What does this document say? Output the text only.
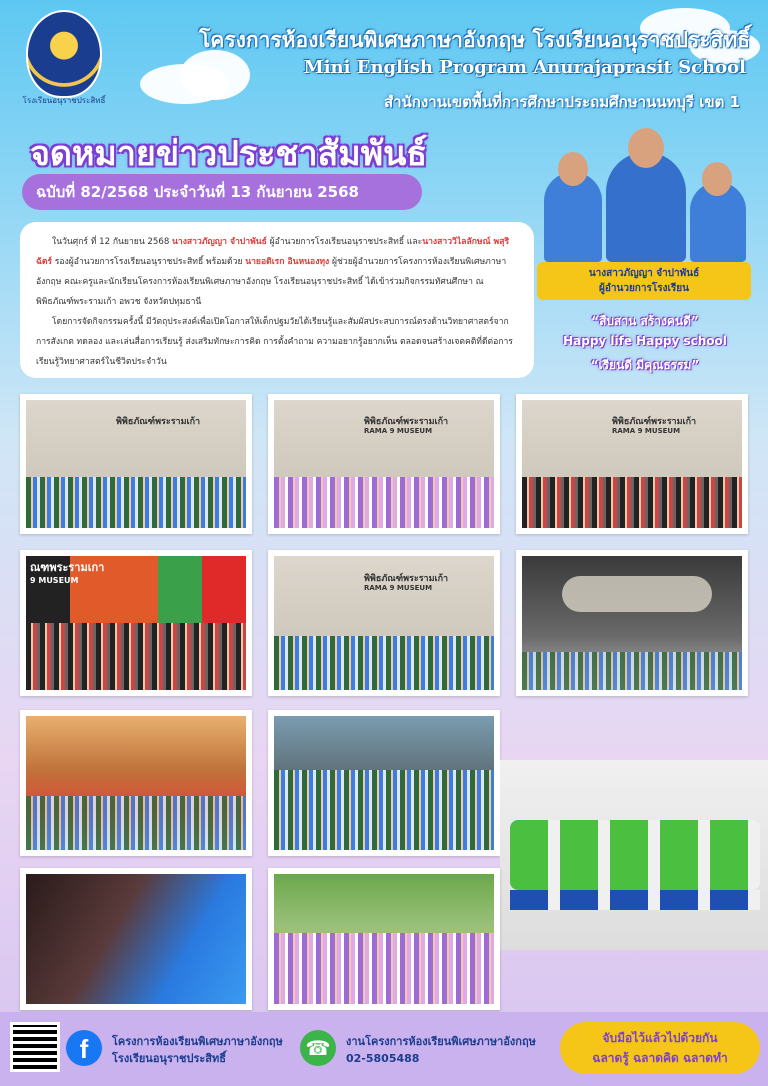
โรงเรียนอนุราชประสิทธิ์
โครงการห้องเรียนพิเศษภาษาอังกฤษ โรงเรียนอนุราชประสิทธิ์
Mini English Program Anurajaprasit School
สำนักงานเขตพื้นที่การศึกษาประถมศึกษานนทบุรี เขต 1
จดหมายข่าวประชาสัมพันธ์
ฉบับที่ 82/2568 ประจำวันที่ 13 กันยายน 2568

ในวันศุกร์ ที่ 12 กันยายน 2568 นางสาวภัญญา จำปาพันธ์ ผู้อำนวยการโรงเรียนอนุราชประสิทธิ์ และนางสาววิไลลักษณ์ พสุริฉัตร์ รองผู้อำนวยการโรงเรียนอนุราชประสิทธิ์ พร้อมด้วย นายอดิเรก อินหนองทุง ผู้ช่วยผู้อำนวยการโครงการห้องเรียนพิเศษภาษาอังกฤษ คณะครูและนักเรียนโครงการห้องเรียนพิเศษภาษาอังกฤษ โรงเรียนอนุราชประสิทธิ์ ได้เข้าร่วมกิจกรรมทัศนศึกษา ณ พิพิธภัณฑ์พระรามเก้า อพวช จังหวัดปทุมธานี

โดยการจัดกิจกรรมครั้งนี้ มีวัตถุประสงค์เพื่อเปิดโอกาสให้เด็กปฐมวัยได้เรียนรู้และสัมผัสประสบการณ์ตรงด้านวิทยาศาสตร์จากการสังเกต ทดลอง และเล่นสื่อการเรียนรู้ ส่งเสริมทักษะการคิด การตั้งคำถาม ความอยากรู้อยากเห็น ตลอดจนสร้างเจตคติที่ดีต่อการเรียนรู้วิทยาศาสตร์ในชีวิตประจำวัน

นางสาวภัญญา จำปาพันธ์
ผู้อำนวยการโรงเรียน
“สืบสาน สร้างคนดี”
Happy life Happy school
“เรียนดี มีคุณธรรม”
พิพิธภัณฑ์พระรามเก้า	พิพิธภัณฑ์พระรามเก้า
RAMA 9 MUSEUM
พิพิธภัณฑ์พระรามเก้า
RAMA 9 MUSEUM
ณฑพระรามเกา
9 MUSEUM	พิพิธภัณฑ์พระรามเก้า
RAMA 9 MUSEUM
f	โครงการห้องเรียนพิเศษภาษาอังกฤษ
โรงเรียนอนุราชประสิทธิ์	☎	งานโครงการห้องเรียนพิเศษภาษาอังกฤษ
02-5805488
จับมือไว้แล้วไปด้วยกัน
ฉลาดรู้ ฉลาดคิด ฉลาดทำ
